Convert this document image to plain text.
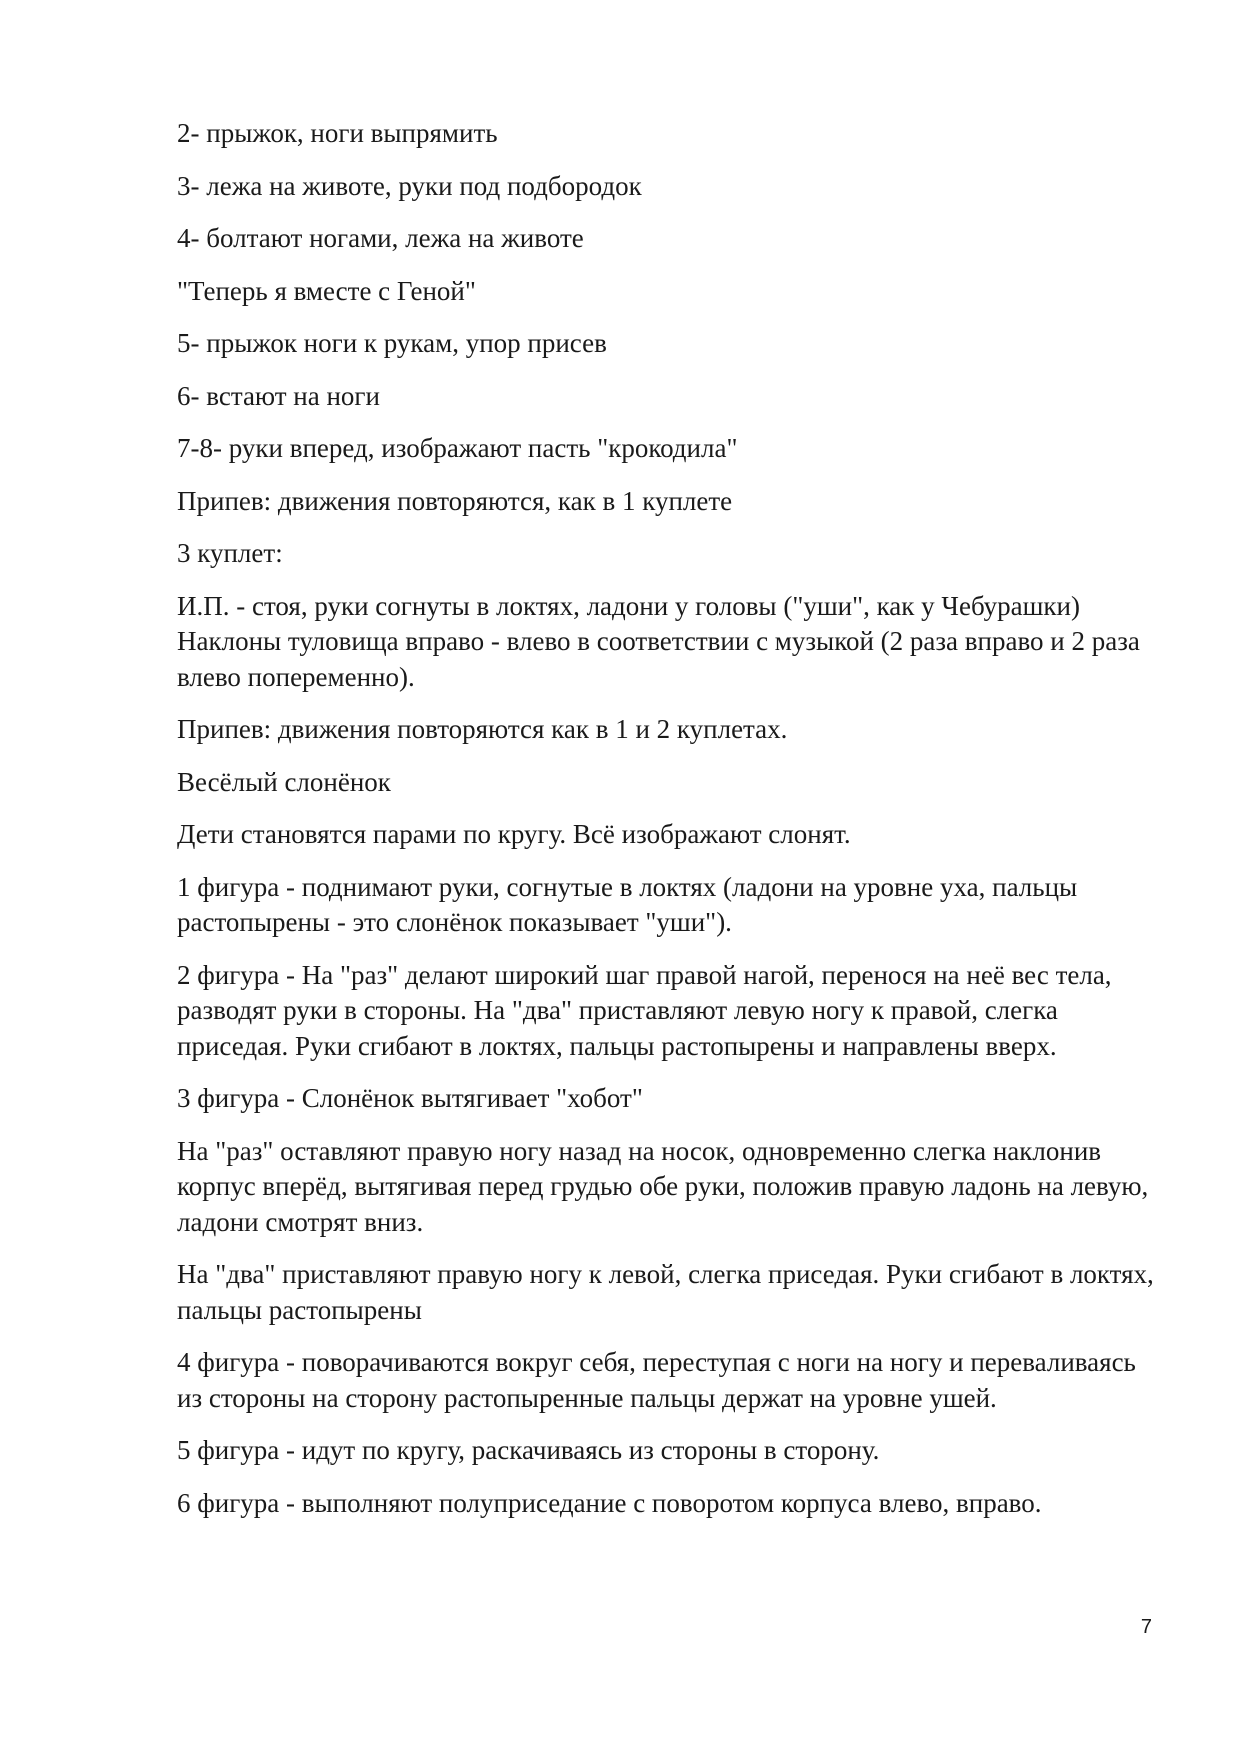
2- прыжок, ноги выпрямить

3- лежа на животе, руки под подбородок

4- болтают ногами, лежа на животе

"Теперь я вместе с Геной"

5- прыжок ноги к рукам, упор присев

6- встают на ноги

7-8- руки вперед, изображают пасть "крокодила"

Припев: движения повторяются, как в 1 куплете

3 куплет:

И.П. - стоя, руки согнуты в локтях, ладони у головы ("уши", как у Чебурашки) Наклоны туловища вправо - влево в соответствии с музыкой (2 раза вправо и 2 раза влево попеременно).

Припев: движения повторяются как в 1 и 2 куплетах.

Весёлый слонёнок

Дети становятся парами по кругу. Всё изображают слонят.

1 фигура - поднимают руки, согнутые в локтях (ладони на уровне уха, пальцы растопырены - это слонёнок показывает "уши").

2 фигура - На "раз" делают широкий шаг правой нагой, перенося на неё вес тела, разводят руки в стороны. На "два" приставляют левую ногу к правой, слегка приседая. Руки сгибают в локтях, пальцы растопырены и направлены вверх.

3 фигура - Слонёнок вытягивает "хобот"

На "раз" оставляют правую ногу назад на носок, одновременно слегка наклонив корпус вперёд, вытягивая перед грудью обе руки, положив правую ладонь на левую, ладони смотрят вниз.

На "два" приставляют правую ногу к левой, слегка приседая. Руки сгибают в локтях, пальцы растопырены

4 фигура - поворачиваются вокруг себя, переступая с ноги на ногу и переваливаясь из стороны на сторону растопыренные пальцы держат на уровне ушей.

5 фигура - идут по кругу, раскачиваясь из стороны в сторону.

6 фигура - выполняют полуприседание с поворотом корпуса влево, вправо.

7
